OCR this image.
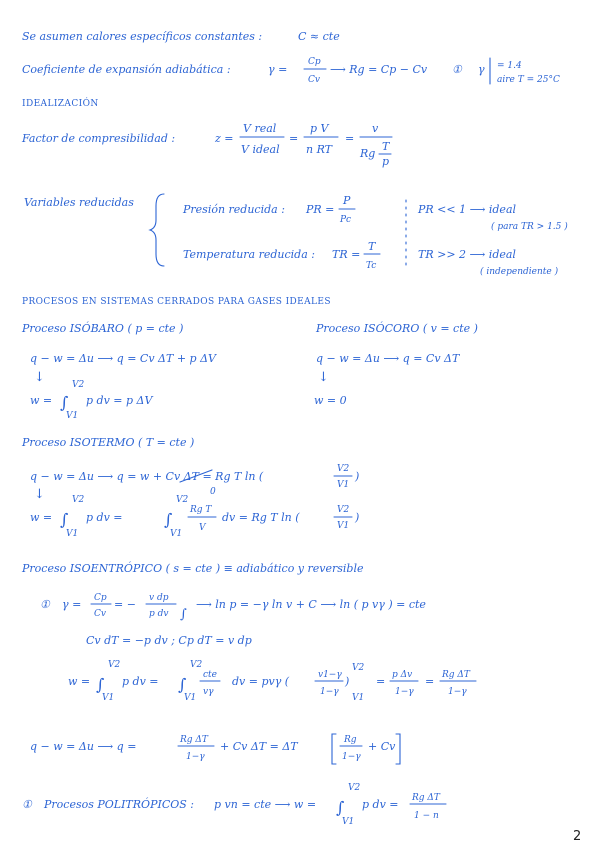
Se asumen calores específicos constantes :	C ≈ cte
Coeficiente de expansión adiabática :	γ =
Cp
Cv
⟶ Rg = Cp − Cv ① γ = 1.4
aire T = 25°C
IDEALIZACIÓN
Factor de compresibilidad :	z =
V real
V ideal
=
p V
n RT
=
v
Rg
T
p
Variables reducidas
Presión reducida : PR =
P
Pc
PR << 1 ⟶ ideal
( para TR > 1.5 )
Temperatura reducida : TR =
T
Tc
TR >> 2 ⟶ ideal
( independiente )
PROCESOS EN SISTEMAS CERRADOS PARA GASES IDEALES
Proceso ISÓBARO ( p = cte )
q − w = Δu ⟶ q = Cv ΔT + p ΔV
↓
w = ∫
V2
V1
p dv = p ΔV
Proceso ISÓCORO ( v = cte )
q − w = Δu ⟶ q = Cv ΔT
↓
w = 0
Proceso ISOTERMO ( T = cte )
q − w = Δu ⟶ q = w + Cv ΔT = Rg T ln (
V2
V1
)
0
↓
w = ∫
V2
V1
p dv =	∫
V2
V1
Rg T
V
dv = Rg T ln (
V2
V1
)
Proceso ISOENTRÓPICO ( s = cte ) ≡ adiabático y reversible
① γ = Cp
Cv
= − v dp
p dv ∫
⟶ ln p = −γ ln v + C ⟶ ln ( p vγ ) = cte
Cv dT = −p dv ; Cp dT = v dp
w = ∫
V2
V1
p dv = ∫
V2
V1
cte
vγ
dv = pvγ (	v1−γ
1−γ
)
V2
V1
= p Δv
1−γ
= Rg ΔT
1−γ
q − w = Δu ⟶ q =	Rg ΔT
1−γ
+ Cv ΔT = ΔT	Rg
1−γ
+ Cv
① Procesos POLITRÓPICOS : p vn = cte ⟶ w = ∫
V2
V1
p dv = Rg ΔT
1 − n
2
